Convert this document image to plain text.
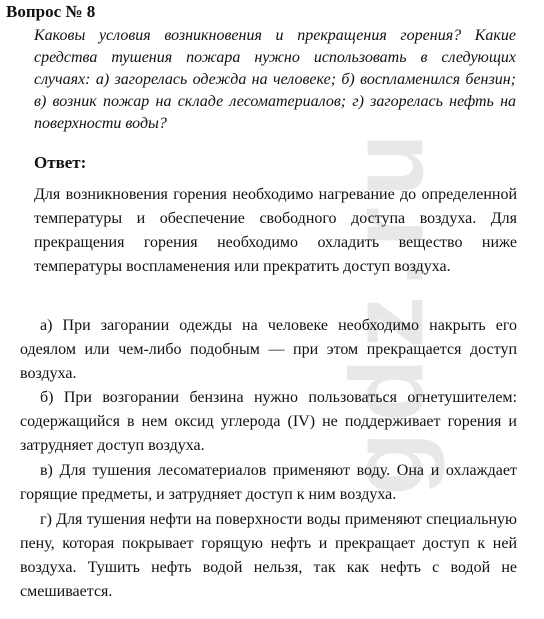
gdz.ru
Вопрос № 8

Каковы условия возникновения и прекращения горения? Какие средства тушения пожара нужно использовать в следующих случаях: а) загорелась одежда на человеке; б) воспламенился бензин; в) возник пожар на складе лесоматериалов; г) загорелась нефть на поверхности воды?

Ответ:

Для возникновения горения необходимо нагревание до определенной температуры и обеспечение свободного доступа воздуха. Для прекращения горения необходимо охладить вещество ниже температуры воспламенения или прекратить доступ воздуха.

а) При загорании одежды на человеке необходимо накрыть его одеялом или чем-либо подобным — при этом прекращается доступ воздуха.

б) При возгорании бензина нужно пользоваться огнетушителем: содержащийся в нем оксид углерода (IV) не поддерживает горения и затрудняет доступ воздуха.

в) Для тушения лесоматериалов применяют воду. Она и охлаждает горящие предметы, и затрудняет доступ к ним воздуха.

г) Для тушения нефти на поверхности воды применяют специальную пену, которая покрывает горящую нефть и прекращает доступ к ней воздуха. Тушить нефть водой нельзя, так как нефть с водой не смешивается.
